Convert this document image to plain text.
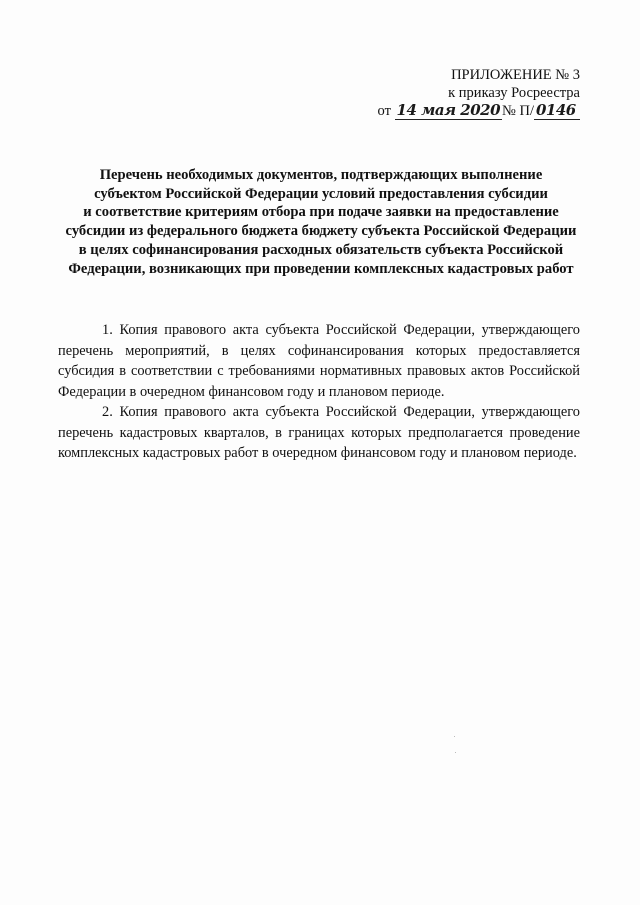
ПРИЛОЖЕНИЕ № 3
к приказу Росреестра
от 14 мая 2020 № П/ 0146
Перечень необходимых документов, подтверждающих выполнение
субъектом Российской Федерации условий предоставления субсидии
и соответствие критериям отбора при подаче заявки на предоставление
субсидии из федерального бюджета бюджету субъекта Российской Федерации
в целях софинансирования расходных обязательств субъекта Российской
Федерации, возникающих при проведении комплексных кадастровых работ

1. Копия правового акта субъекта Российской Федерации, утверждающего перечень мероприятий, в целях софинансирования которых предоставляется субсидия в соответствии с требованиями нормативных правовых актов Российской Федерации в очередном финансовом году и плановом периоде.

2. Копия правового акта субъекта Российской Федерации, утверждающего перечень кадастровых кварталов, в границах которых предполагается проведение комплексных кадастровых работ в очередном финансовом году и плановом периоде.
